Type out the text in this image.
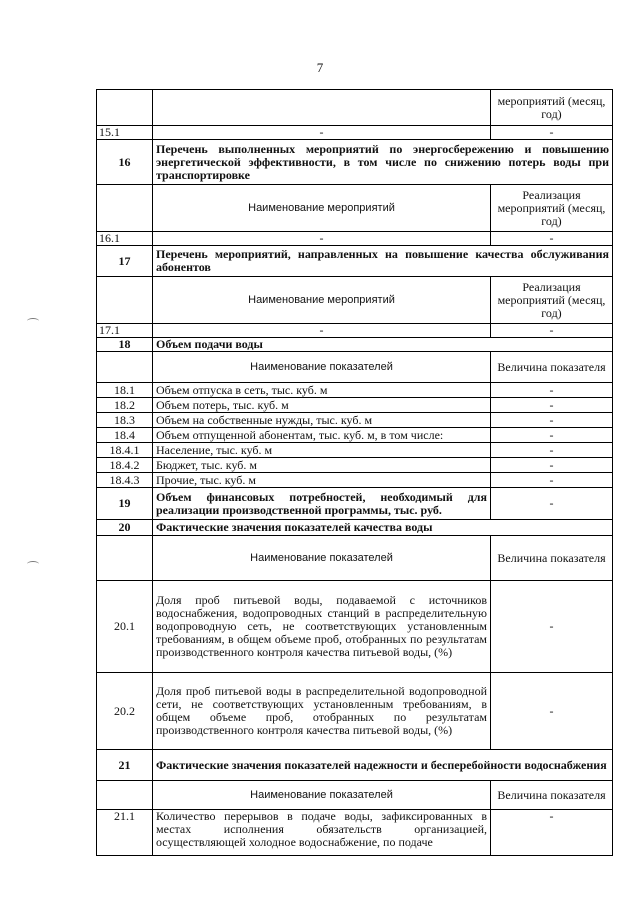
7
		мероприятий (месяц, год)
15.1	-	-
16	Перечень выполненных мероприятий по энергосбережению и повышению энергетической эффективности, в том числе по снижению потерь воды при транспортировке	
	Наименование мероприятий	Реализация мероприятий (месяц, год)
16.1	-	-
17	Перечень мероприятий, направленных на повышение качества обслуживания абонентов	
	Наименование мероприятий	Реализация мероприятий (месяц, год)
17.1	-	-
18	Объем подачи воды	
	Наименование показателей	Величина показателя
18.1	Объем отпуска в сеть, тыс. куб. м	-
18.2	Объем потерь, тыс. куб. м	-
18.3	Объем на собственные нужды, тыс. куб. м	-
18.4	Объем отпущенной абонентам, тыс. куб. м, в том числе:	-
18.4.1	Население, тыс. куб. м	-
18.4.2	Бюджет, тыс. куб. м	-
18.4.3	Прочие, тыс. куб. м	-
19	Объем финансовых потребностей, необходимый для реализации производственной программы, тыс. руб.	-
20	Фактические значения показателей качества воды	
	Наименование показателей	Величина показателя
20.1	Доля проб питьевой воды, подаваемой с источников водоснабжения, водопроводных станций в распределительную водопроводную сеть, не соответствующих установленным требованиям, в общем объеме проб, отобранных по результатам производственного контроля качества питьевой воды, (%)	-
20.2	Доля проб питьевой воды в распределительной водопроводной сети, не соответствующих установленным требованиям, в общем объеме проб, отобранных по результатам производственного контроля качества питьевой воды, (%)	-
21	Фактические значения показателей надежности и бесперебойности водоснабжения	
	Наименование показателей	Величина показателя
21.1	Количество перерывов в подаче воды, зафиксированных в местах исполнения обязательств организацией, осуществляющей холодное водоснабжение, по подаче	-
